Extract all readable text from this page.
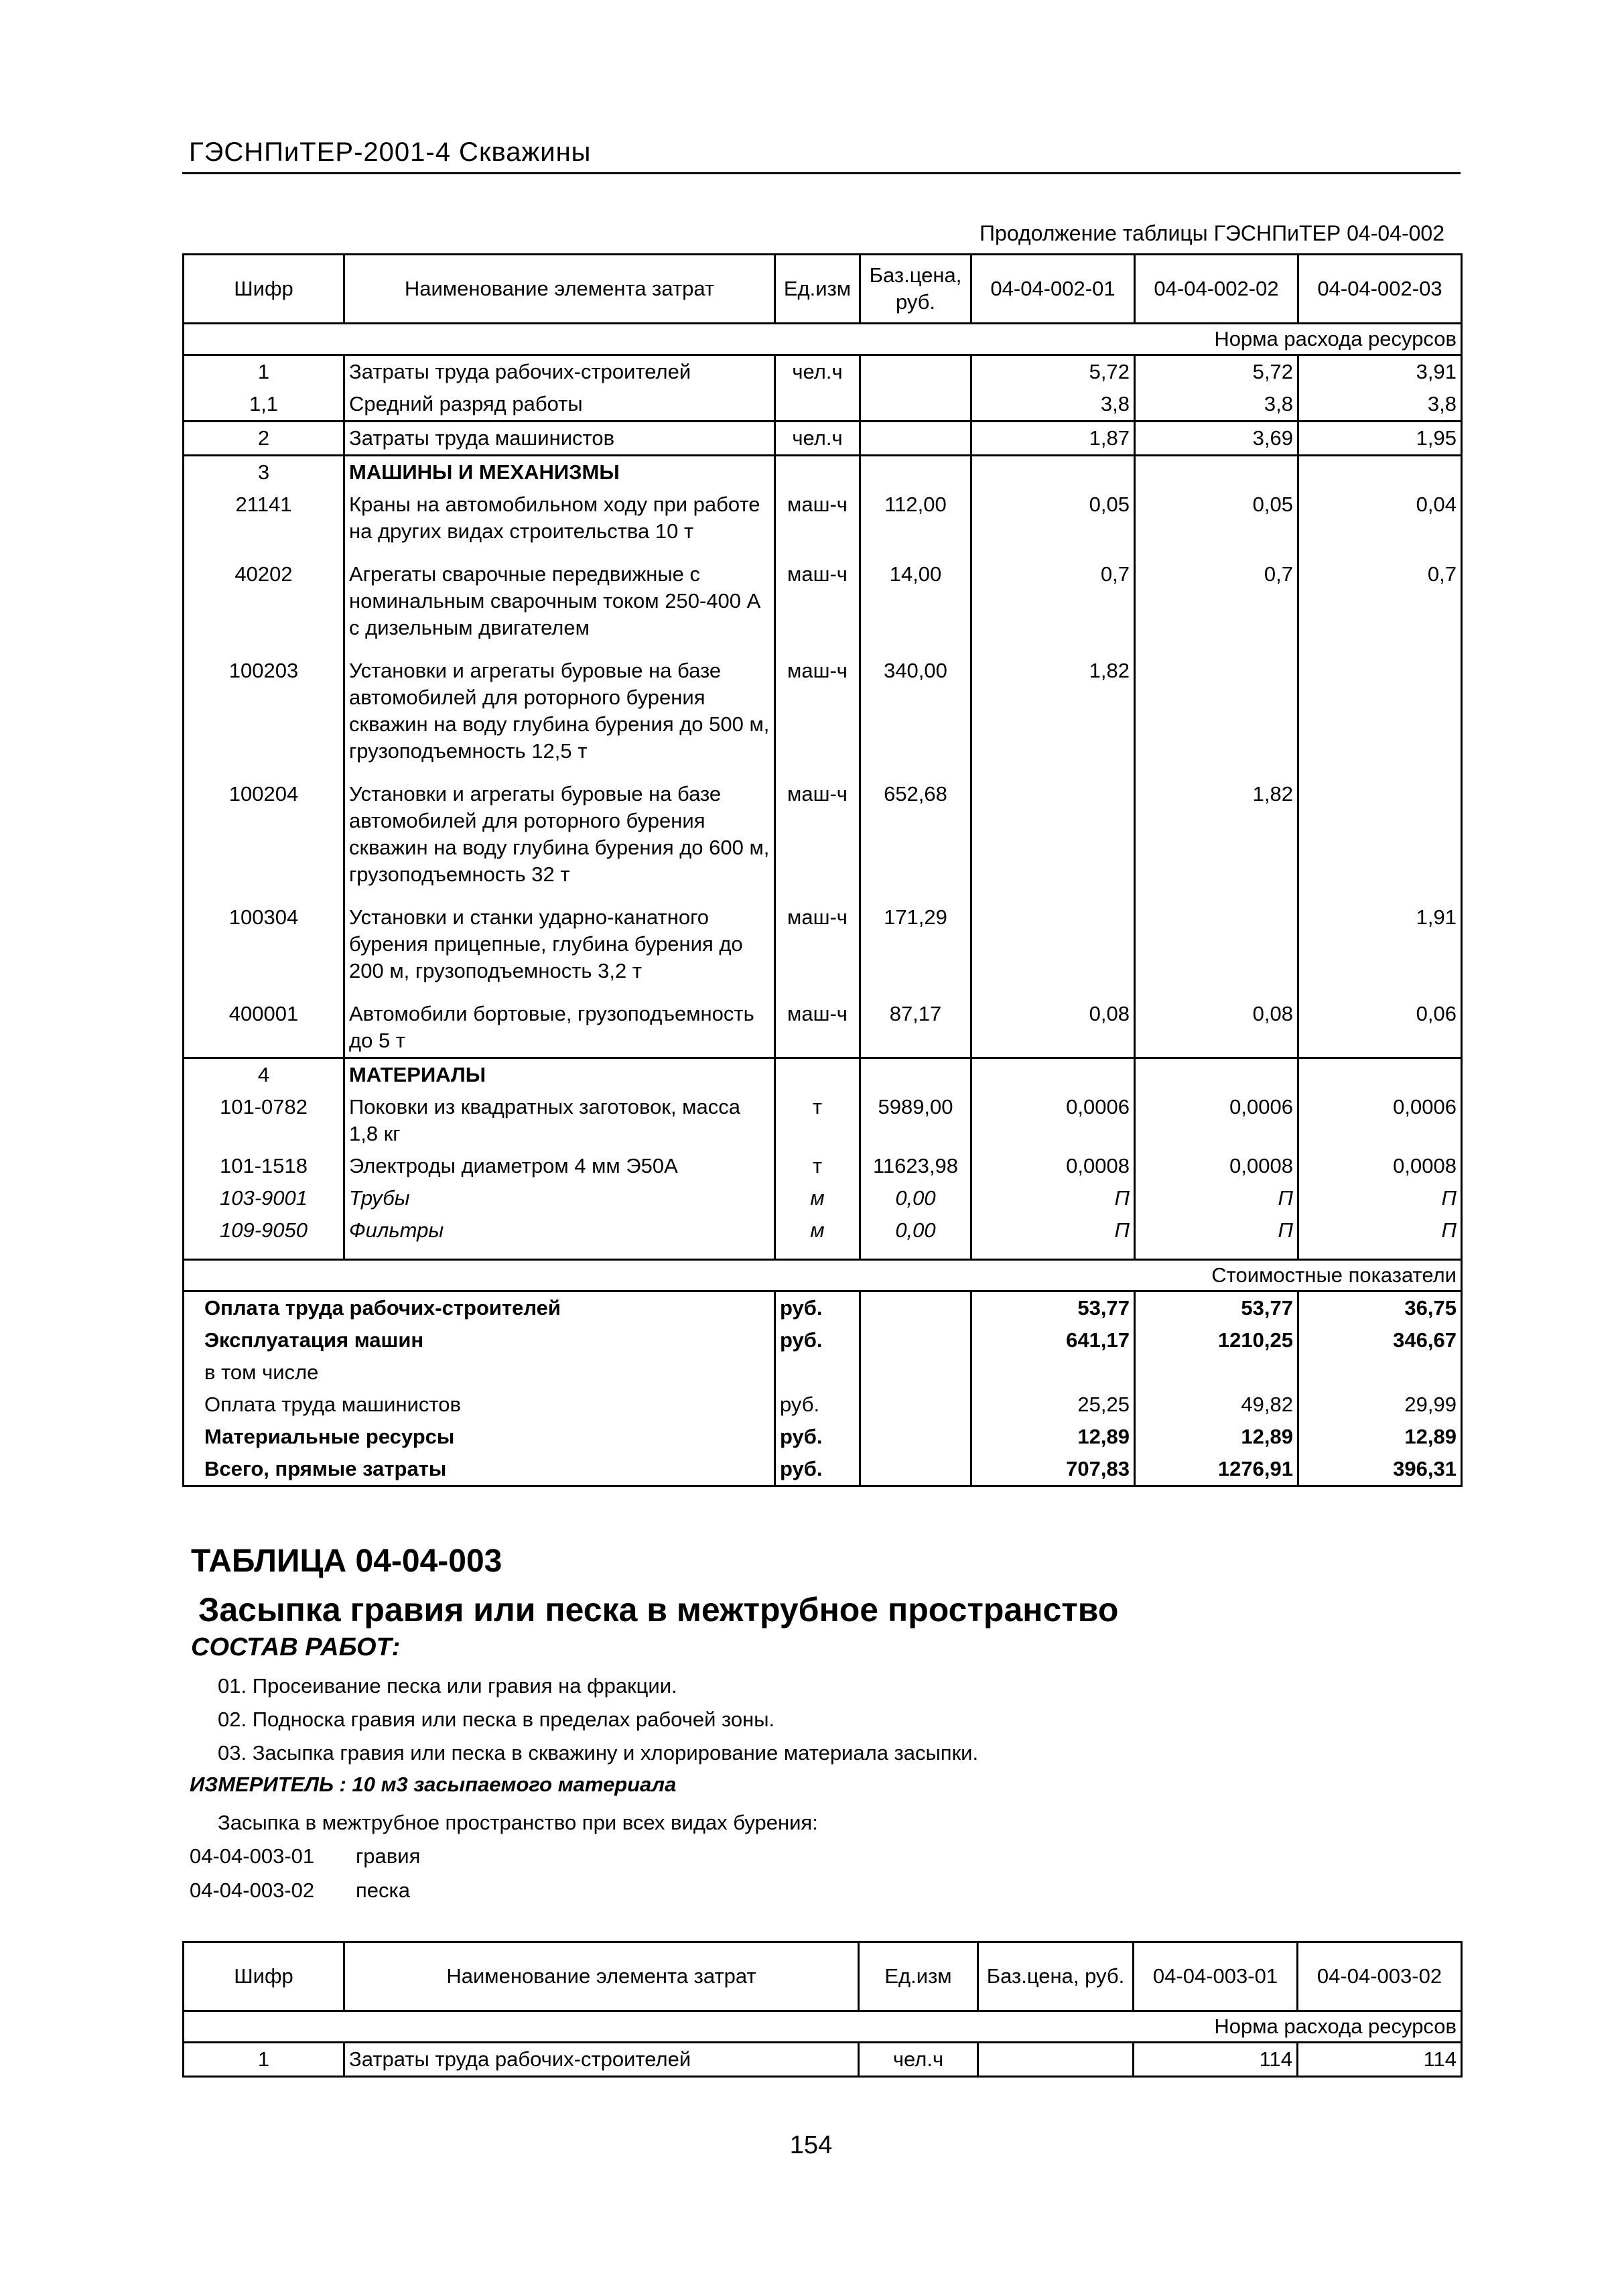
ГЭСНПиТЕР-2001-4 Скважины
Продолжение таблицы ГЭСНПиТЕР 04-04-002
Шифр	Наименование элемента затрат	Ед.изм	Баз.цена, руб.	04-04-002-01	04-04-002-02	04-04-002-03
Норма расхода ресурсов						
1	Затраты труда рабочих-строителей	чел.ч		5,72	5,72	3,91
1,1	Средний разряд работы			3,8	3,8	3,8
2	Затраты труда машинистов	чел.ч		1,87	3,69	1,95
3	МАШИНЫ И МЕХАНИЗМЫ					
21141	Краны на автомобильном ходу при работе на других видах строительства 10 т	маш-ч	112,00	0,05	0,05	0,04
40202	Агрегаты сварочные передвижные с номинальным сварочным током 250-400 А с дизельным двигателем	маш-ч	14,00	0,7	0,7	0,7
100203	Установки и агрегаты буровые на базе автомобилей для роторного бурения скважин на воду глубина бурения до 500 м, грузоподъемность 12,5 т	маш-ч	340,00	1,82		
100204	Установки и агрегаты буровые на базе автомобилей для роторного бурения скважин на воду глубина бурения до 600 м, грузоподъемность 32 т	маш-ч	652,68		1,82	
100304	Установки и станки ударно-канатного бурения прицепные, глубина бурения до 200 м, грузоподъемность 3,2 т	маш-ч	171,29			1,91
400001	Автомобили бортовые, грузоподъемность до 5 т	маш-ч	87,17	0,08	0,08	0,06
4	МАТЕРИАЛЫ					
101-0782	Поковки из квадратных заготовок, масса 1,8 кг	т	5989,00	0,0006	0,0006	0,0006
101-1518	Электроды диаметром 4 мм Э50А	т	11623,98	0,0008	0,0008	0,0008
103-9001	Трубы	м	0,00	П	П	П
109-9050	Фильтры	м	0,00	П	П	П

Стоимостные показатели						
Оплата труда рабочих-строителей		руб.		53,77	53,77	36,75
Эксплуатация машин		руб.		641,17	1210,25	346,67
в том числе						
Оплата труда машинистов		руб.		25,25	49,82	29,99
Материальные ресурсы		руб.		12,89	12,89	12,89
Всего, прямые затраты		руб.		707,83	1276,91	396,31
ТАБЛИЦА 04-04-003
Засыпка гравия или песка в межтрубное пространство
СОСТАВ РАБОТ:
01. Просеивание песка или гравия на фракции.
02. Подноска гравия или песка в пределах рабочей зоны.
03. Засыпка гравия или песка в скважину и хлорирование материала засыпки.
ИЗМЕРИТЕЛЬ : 10 м3 засыпаемого материала
Засыпка в межтрубное пространство при всех видах бурения:
04-04-003-01 гравия
04-04-003-02 песка
Шифр	Наименование элемента затрат	Ед.изм	Баз.цена, руб.	04-04-003-01	04-04-003-02
Норма расхода ресурсов					
1	Затраты труда рабочих-строителей	чел.ч		114	114
154
